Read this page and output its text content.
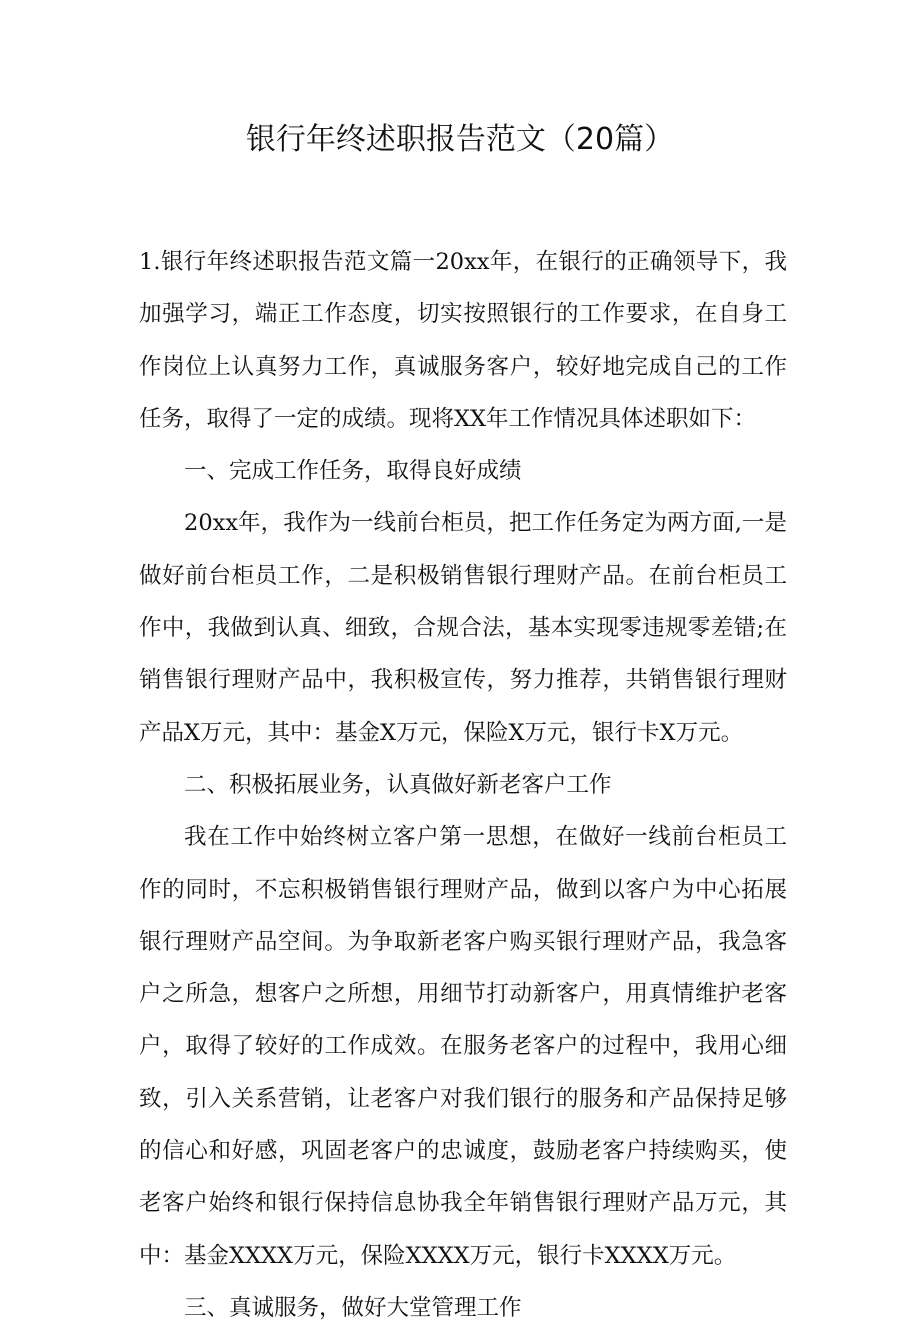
银行年终述职报告范文（20篇）

1.银行年终述职报告范文篇一20xx年，在银行的正确领导下，我加强学习，端正工作态度，切实按照银行的工作要求，在自身工作岗位上认真努力工作，真诚服务客户，较好地完成自己的工作任务，取得了一定的成绩。现将XX年工作情况具体述职如下：

一、完成工作任务，取得良好成绩

20xx年，我作为一线前台柜员，把工作任务定为两方面,一是做好前台柜员工作，二是积极销售银行理财产品。在前台柜员工作中，我做到认真、细致，合规合法，基本实现零违规零差错;在销售银行理财产品中，我积极宣传，努力推荐，共销售银行理财产品X万元，其中：基金X万元，保险X万元，银行卡X万元。

二、积极拓展业务，认真做好新老客户工作

我在工作中始终树立客户第一思想，在做好一线前台柜员工作的同时，不忘积极销售银行理财产品，做到以客户为中心拓展银行理财产品空间。为争取新老客户购买银行理财产品，我急客户之所急，想客户之所想，用细节打动新客户，用真情维护老客户，取得了较好的工作成效。在服务老客户的过程中，我用心细致，引入关系营销，让老客户对我们银行的服务和产品保持足够的信心和好感，巩固老客户的忠诚度，鼓励老客户持续购买，使老客户始终和银行保持信息协我全年销售银行理财产品万元，其中：基金XXXX万元，保险XXXX万元，银行卡XXXX万元。

三、真诚服务，做好大堂管理工作
